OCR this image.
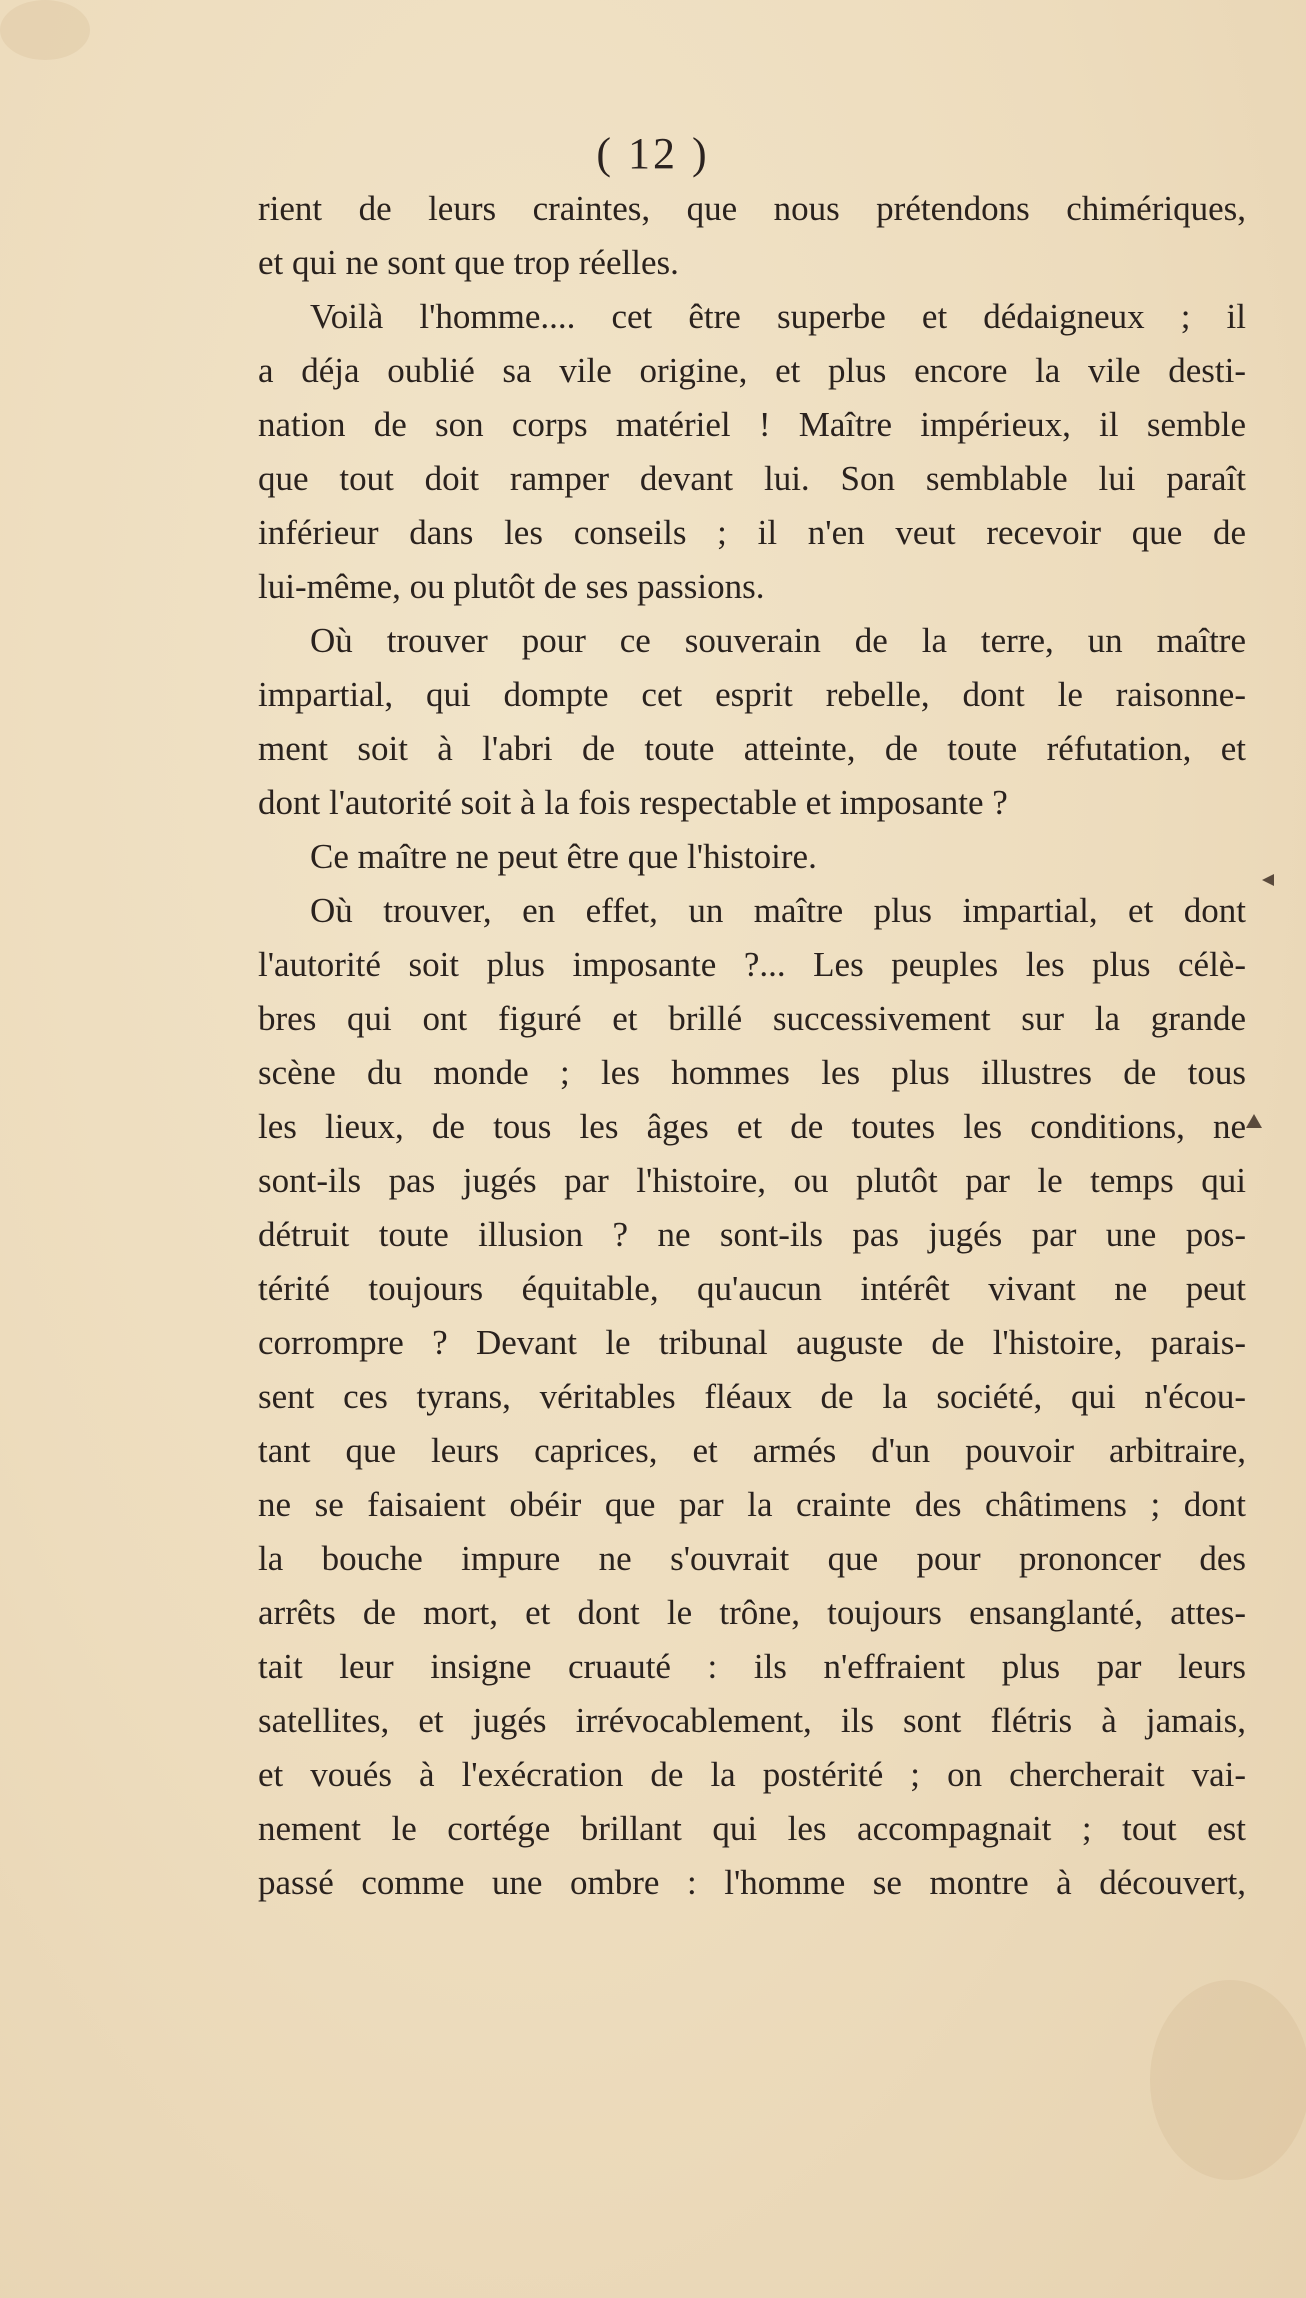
( 12 )
rient de leurs craintes, que nous prétendons chimériques,
et qui ne sont que trop réelles.
Voilà l'homme.... cet être superbe et dédaigneux ; il
a déja oublié sa vile origine, et plus encore la vile desti-
nation de son corps matériel ! Maître impérieux, il semble
que tout doit ramper devant lui. Son semblable lui paraît
inférieur dans les conseils ; il n'en veut recevoir que de
lui-même, ou plutôt de ses passions.
Où trouver pour ce souverain de la terre, un maître
impartial, qui dompte cet esprit rebelle, dont le raisonne-
ment soit à l'abri de toute atteinte, de toute réfutation, et
dont l'autorité soit à la fois respectable et imposante ?
Ce maître ne peut être que l'histoire.
Où trouver, en effet, un maître plus impartial, et dont
l'autorité soit plus imposante ?... Les peuples les plus célè-
bres qui ont figuré et brillé successivement sur la grande
scène du monde ; les hommes les plus illustres de tous
les lieux, de tous les âges et de toutes les conditions, ne
sont-ils pas jugés par l'histoire, ou plutôt par le temps qui
détruit toute illusion ? ne sont-ils pas jugés par une pos-
térité toujours équitable, qu'aucun intérêt vivant ne peut
corrompre ? Devant le tribunal auguste de l'histoire, parais-
sent ces tyrans, véritables fléaux de la société, qui n'écou-
tant que leurs caprices, et armés d'un pouvoir arbitraire,
ne se faisaient obéir que par la crainte des châtimens ; dont
la bouche impure ne s'ouvrait que pour prononcer des
arrêts de mort, et dont le trône, toujours ensanglanté, attes-
tait leur insigne cruauté : ils n'effraient plus par leurs
satellites, et jugés irrévocablement, ils sont flétris à jamais,
et voués à l'exécration de la postérité ; on chercherait vai-
nement le cortége brillant qui les accompagnait ; tout est
passé comme une ombre : l'homme se montre à découvert,
